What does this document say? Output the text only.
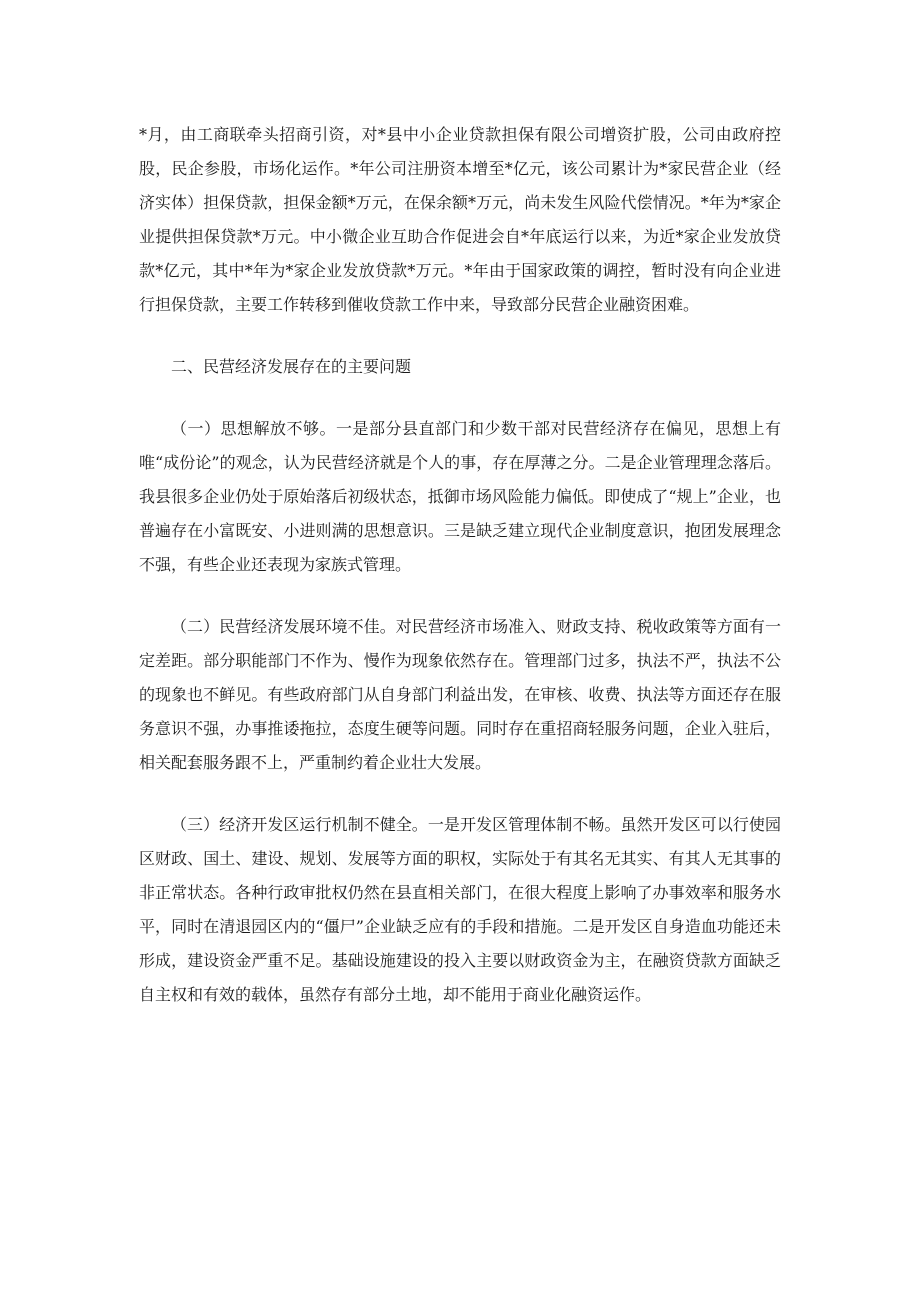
*月，由工商联牵头招商引资，对*县中小企业贷款担保有限公司增资扩股，公司由政府控股，民企参股，市场化运作。*年公司注册资本增至*亿元，该公司累计为*家民营企业（经济实体）担保贷款，担保金额*万元，在保余额*万元，尚未发生风险代偿情况。*年为*家企业提供担保贷款*万元。中小微企业互助合作促进会自*年底运行以来，为近*家企业发放贷款*亿元，其中*年为*家企业发放贷款*万元。*年由于国家政策的调控，暂时没有向企业进行担保贷款，主要工作转移到催收贷款工作中来，导致部分民营企业融资困难。

二、民营经济发展存在的主要问题

（一）思想解放不够。一是部分县直部门和少数干部对民营经济存在偏见，思想上有唯“成份论”的观念，认为民营经济就是个人的事，存在厚薄之分。二是企业管理理念落后。我县很多企业仍处于原始落后初级状态，抵御市场风险能力偏低。即使成了“规上”企业，也普遍存在小富既安、小进则满的思想意识。三是缺乏建立现代企业制度意识，抱团发展理念不强，有些企业还表现为家族式管理。

（二）民营经济发展环境不佳。对民营经济市场准入、财政支持、税收政策等方面有一定差距。部分职能部门不作为、慢作为现象依然存在。管理部门过多，执法不严，执法不公的现象也不鲜见。有些政府部门从自身部门利益出发，在审核、收费、执法等方面还存在服务意识不强，办事推诿拖拉，态度生硬等问题。同时存在重招商轻服务问题，企业入驻后，相关配套服务跟不上，严重制约着企业壮大发展。

（三）经济开发区运行机制不健全。一是开发区管理体制不畅。虽然开发区可以行使园区财政、国土、建设、规划、发展等方面的职权，实际处于有其名无其实、有其人无其事的非正常状态。各种行政审批权仍然在县直相关部门，在很大程度上影响了办事效率和服务水平，同时在清退园区内的“僵尸”企业缺乏应有的手段和措施。二是开发区自身造血功能还未形成，建设资金严重不足。基础设施建设的投入主要以财政资金为主，在融资贷款方面缺乏自主权和有效的载体，虽然存有部分土地，却不能用于商业化融资运作。
